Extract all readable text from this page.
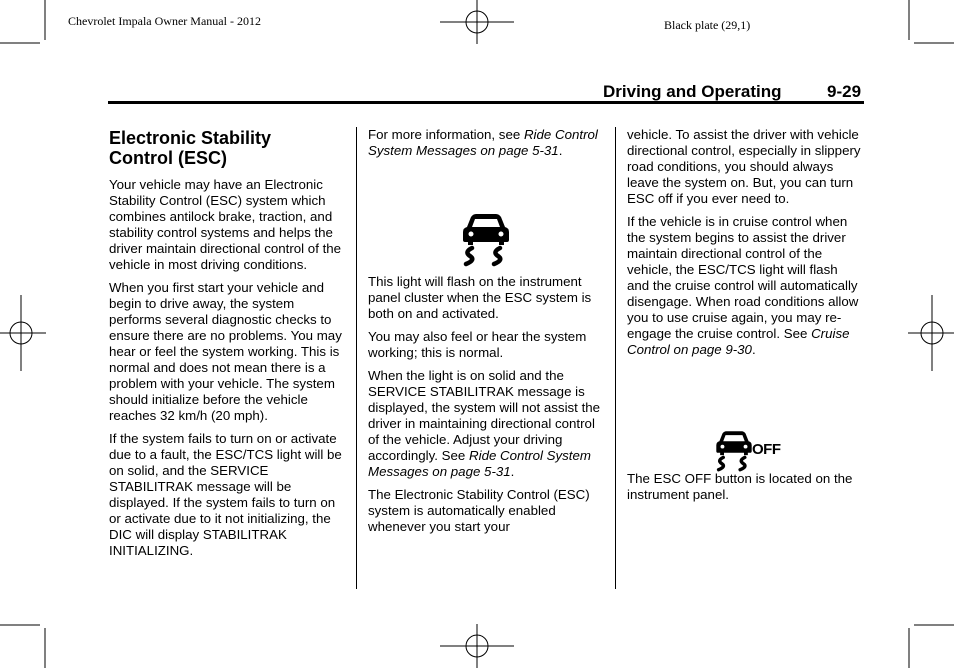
Chevrolet Impala Owner Manual - 2012	Black plate (29,1)
Driving and Operating	9-29
Electronic Stability
Control (ESC)

Your vehicle may have an Electronic Stability Control (ESC) system which combines antilock brake, traction, and stability control systems and helps the driver maintain directional control of the vehicle in most driving conditions.

When you first start your vehicle and begin to drive away, the system performs several diagnostic checks to ensure there are no problems. You may hear or feel the system working. This is normal and does not mean there is a problem with your vehicle. The system should initialize before the vehicle reaches 32 km/h (20 mph).

If the system fails to turn on or activate due to a fault, the ESC/TCS light will be on solid, and the SERVICE STABILITRAK message will be displayed. If the system fails to turn on or activate due to it not initializing, the DIC will display STABILITRAK INITIALIZING.

For more information, see Ride Control System Messages on page 5-31.

This light will flash on the instrument panel cluster when the ESC system is both on and activated.

You may also feel or hear the system working; this is normal.

When the light is on solid and the SERVICE STABILITRAK message is displayed, the system will not assist the driver in maintaining directional control of the vehicle. Adjust your driving accordingly. See Ride Control System Messages on page 5-31.

The Electronic Stability Control (ESC) system is automatically enabled whenever you start your

vehicle. To assist the driver with vehicle directional control, especially in slippery road conditions, you should always leave the system on. But, you can turn ESC off if you ever need to.

If the vehicle is in cruise control when the system begins to assist the driver maintain directional control of the vehicle, the ESC/TCS light will flash and the cruise control will automatically disengage. When road conditions allow you to use cruise again, you may re-engage the cruise control. See Cruise Control on page 9-30.

The ESC OFF button is located on the instrument panel.

OFF
